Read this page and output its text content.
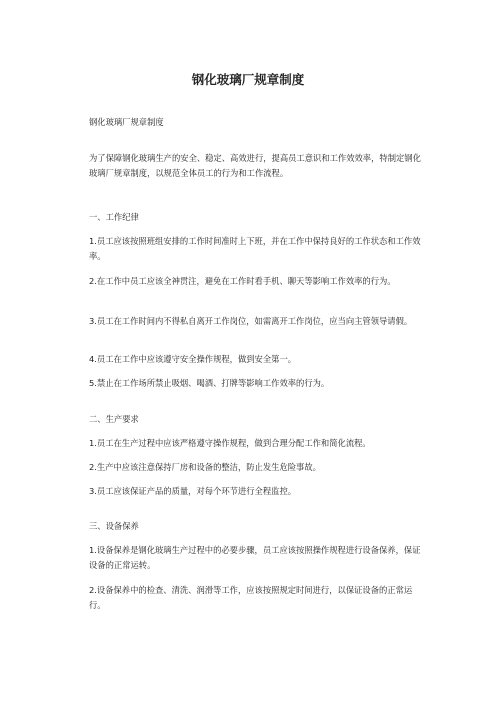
钢化玻璃厂规章制度

钢化玻璃厂规章制度

为了保障钢化玻璃生产的安全、稳定、高效进行，提高员工意识和工作效效率，特制定钢化玻璃厂规章制度，以规范全体员工的行为和工作流程。

一、工作纪律

1.员工应该按照班组安排的工作时间准时上下班，并在工作中保持良好的工作状态和工作效率。

2.在工作中员工应该全神贯注，避免在工作时看手机、聊天等影响工作效率的行为。

3.员工在工作时间内不得私自离开工作岗位，如需离开工作岗位，应当向主管领导请假。

4.员工在工作中应该遵守安全操作规程，做到安全第一。

5.禁止在工作场所禁止吸烟、喝酒、打牌等影响工作效率的行为。

二、生产要求

1.员工在生产过程中应该严格遵守操作规程，做到合理分配工作和简化流程。

2.生产中应该注意保持厂房和设备的整洁，防止发生危险事故。

3.员工应该保证产品的质量，对每个环节进行全程监控。

三、设备保养

1.设备保养是钢化玻璃生产过程中的必要步骤，员工应该按照操作规程进行设备保养，保证设备的正常运转。

2.设备保养中的检查、清洗、润滑等工作，应该按照规定时间进行，以保证设备的正常运行。
